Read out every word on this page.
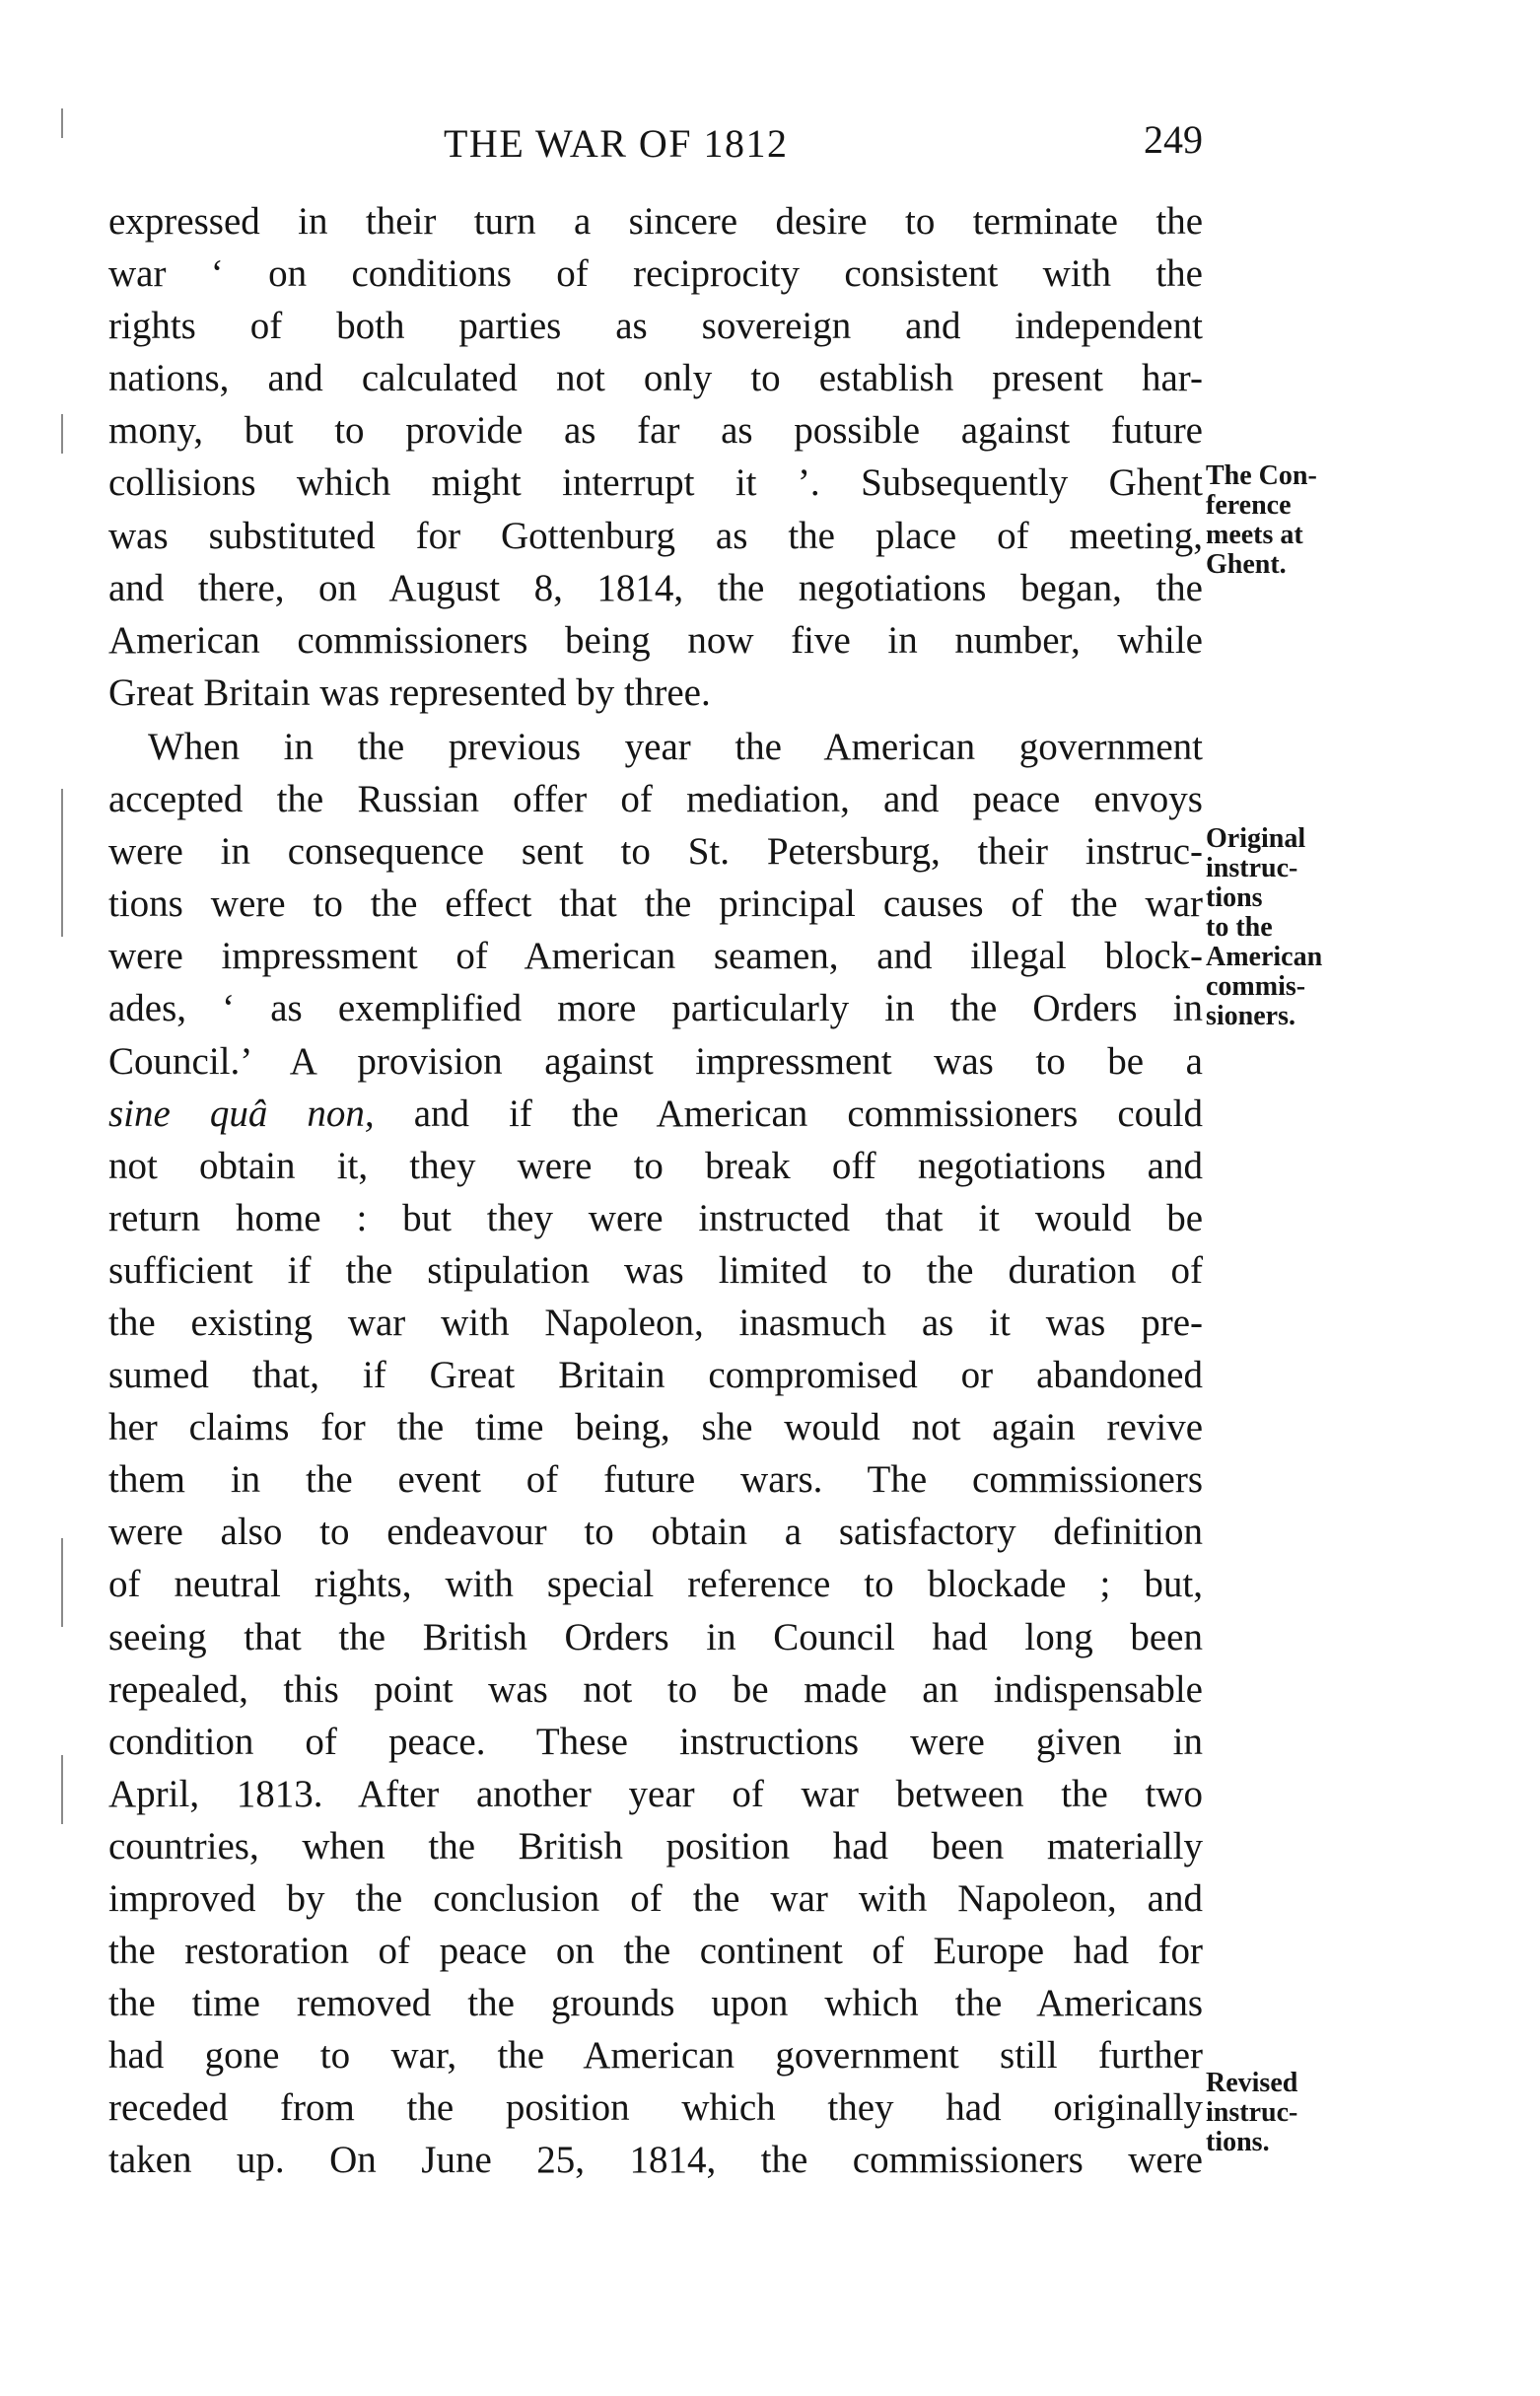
THE WAR OF 1812	249
expressed in their turn a sincere desire to terminate the
war ‘ on conditions of reciprocity consistent with the
rights of both parties as sovereign and independent
nations, and calculated not only to establish present har-
mony, but to provide as far as possible against future
collisions which might interrupt it ’. Subsequently Ghent
was substituted for Gottenburg as the place of meeting,
and there, on August 8, 1814, the negotiations began, the
American commissioners being now five in number, while
Great Britain was represented by three.
When in the previous year the American government
accepted the Russian offer of mediation, and peace envoys
were in consequence sent to St. Petersburg, their instruc-
tions were to the effect that the principal causes of the war
were impressment of American seamen, and illegal block-
ades, ‘ as exemplified more particularly in the Orders in
Council.’ A provision against impressment was to be a
sine quâ non, and if the American commissioners could
not obtain it, they were to break off negotiations and
return home : but they were instructed that it would be
sufficient if the stipulation was limited to the duration of
the existing war with Napoleon, inasmuch as it was pre-
sumed that, if Great Britain compromised or abandoned
her claims for the time being, she would not again revive
them in the event of future wars. The commissioners
were also to endeavour to obtain a satisfactory definition
of neutral rights, with special reference to blockade ; but,
seeing that the British Orders in Council had long been
repealed, this point was not to be made an indispensable
condition of peace. These instructions were given in
April, 1813. After another year of war between the two
countries, when the British position had been materially
improved by the conclusion of the war with Napoleon, and
the restoration of peace on the continent of Europe had for
the time removed the grounds upon which the Americans
had gone to war, the American government still further
receded from the position which they had originally
taken up. On June 25, 1814, the commissioners were
The Con-
ference
meets at
Ghent.
Original
instruc-
tions
to the
American
commis-
sioners.
Revised
instruc-
tions.
